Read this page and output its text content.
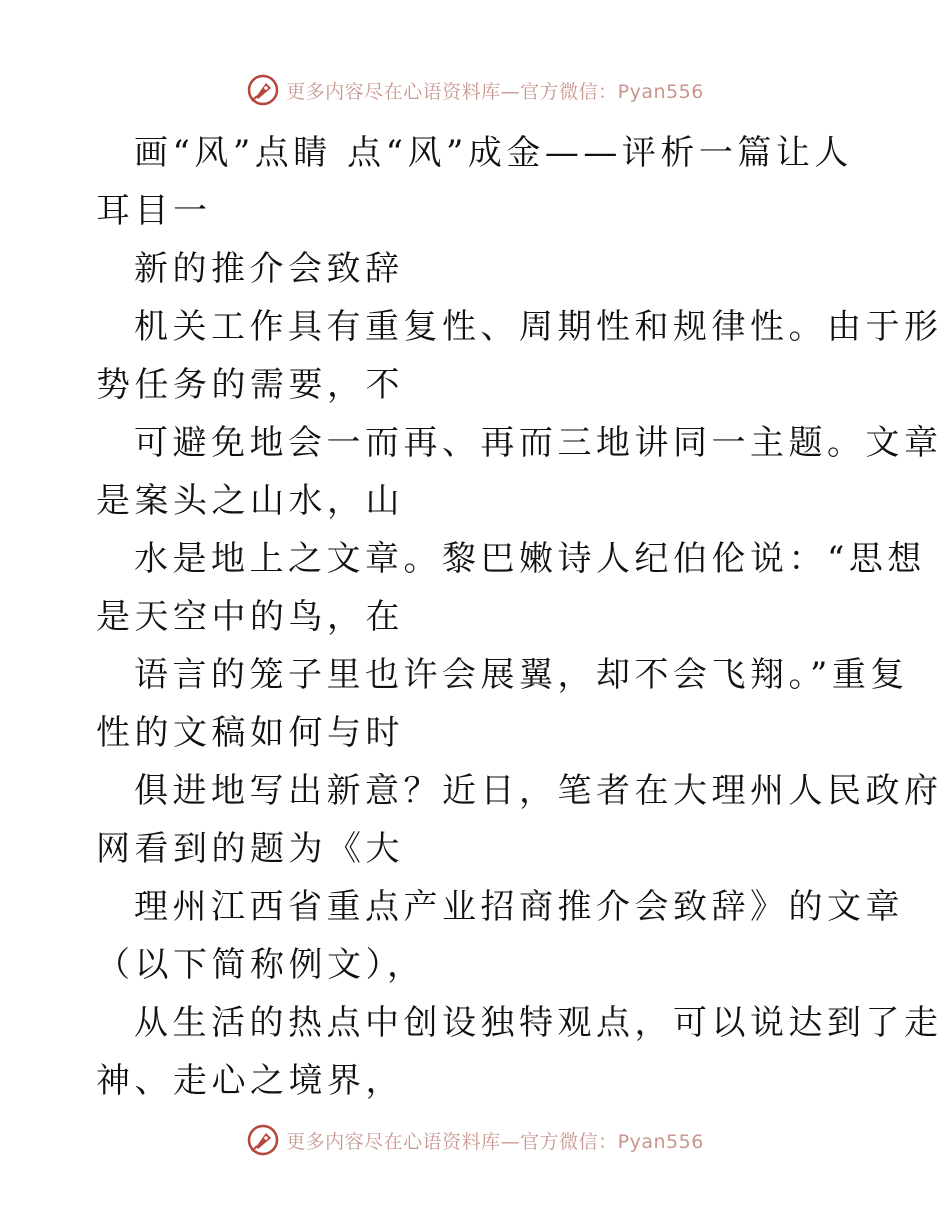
更多内容尽在心语资料库—官方微信：Pyan556
画“风”点睛 点“风”成金——评析一篇让人
耳目一
新的推介会致辞
机关工作具有重复性、周期性和规律性。由于形
势任务的需要，不
可避免地会一而再、再而三地讲同一主题。文章
是案头之山水，山
水是地上之文章。黎巴嫩诗人纪伯伦说：“思想
是天空中的鸟，在
语言的笼子里也许会展翼，却不会飞翔。”重复
性的文稿如何与时
俱进地写出新意？近日，笔者在大理州人民政府
网看到的题为《大
理州江西省重点产业招商推介会致辞》的文章
（以下简称例文），
从生活的热点中创设独特观点，可以说达到了走
神、走心之境界，
更多内容尽在心语资料库—官方微信：Pyan556
